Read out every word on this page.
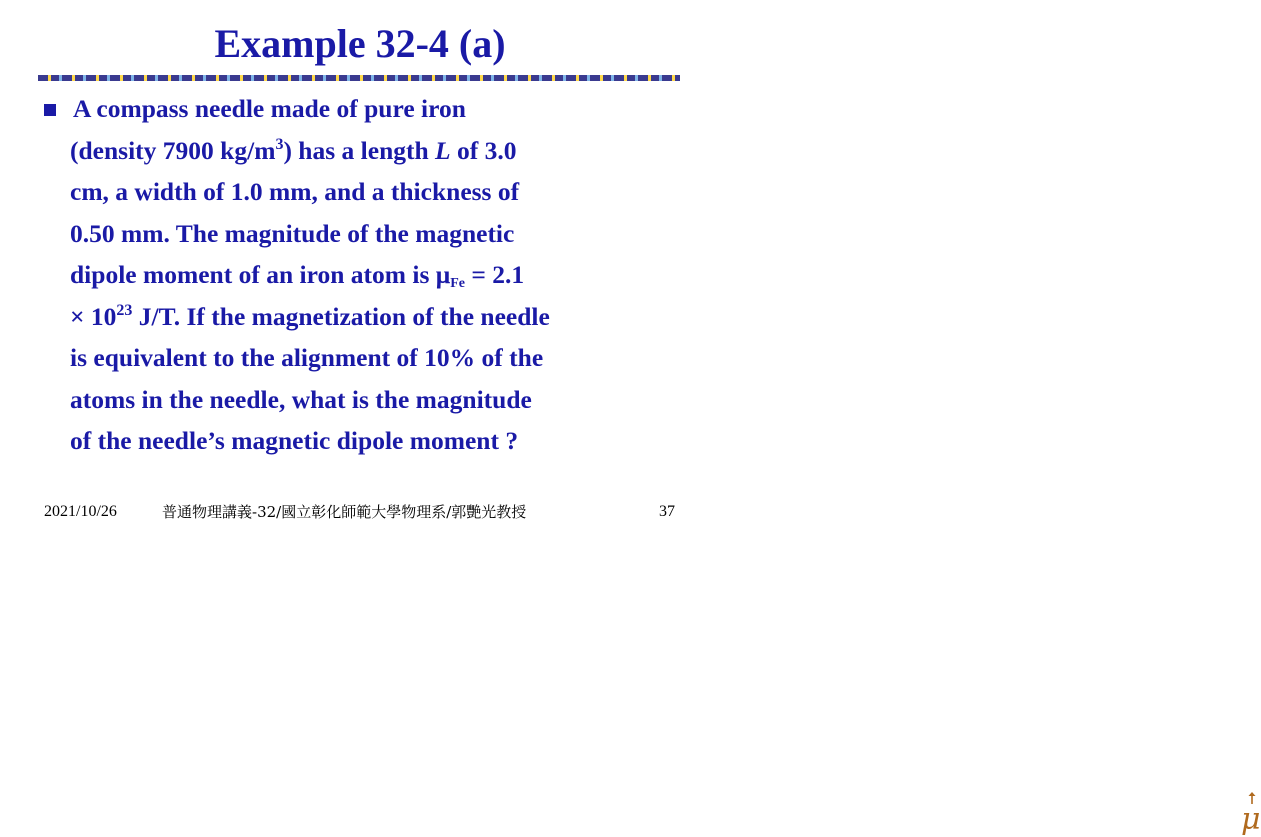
Example 32-4 (a)
A compass needle made of pure iron
(density 7900 $kg/m^3$) has a length L of 3.0
cm, a width of 1.0 mm, and a thickness of
0.50 mm. The magnitude of the magnetic
dipole moment of an iron atom is $\mu_{Fe} = 2.1$
× $10^{23}$ J/T. If the magnetization of the needle
is equivalent to the alignment of 10% of the
atoms in the needle, what is the magnitude
of the needle’s magnetic dipole moment ?
μ
2021/10/26	普通物理講義-32/國立彰化師範大學物理系/郭艷光教授	37
